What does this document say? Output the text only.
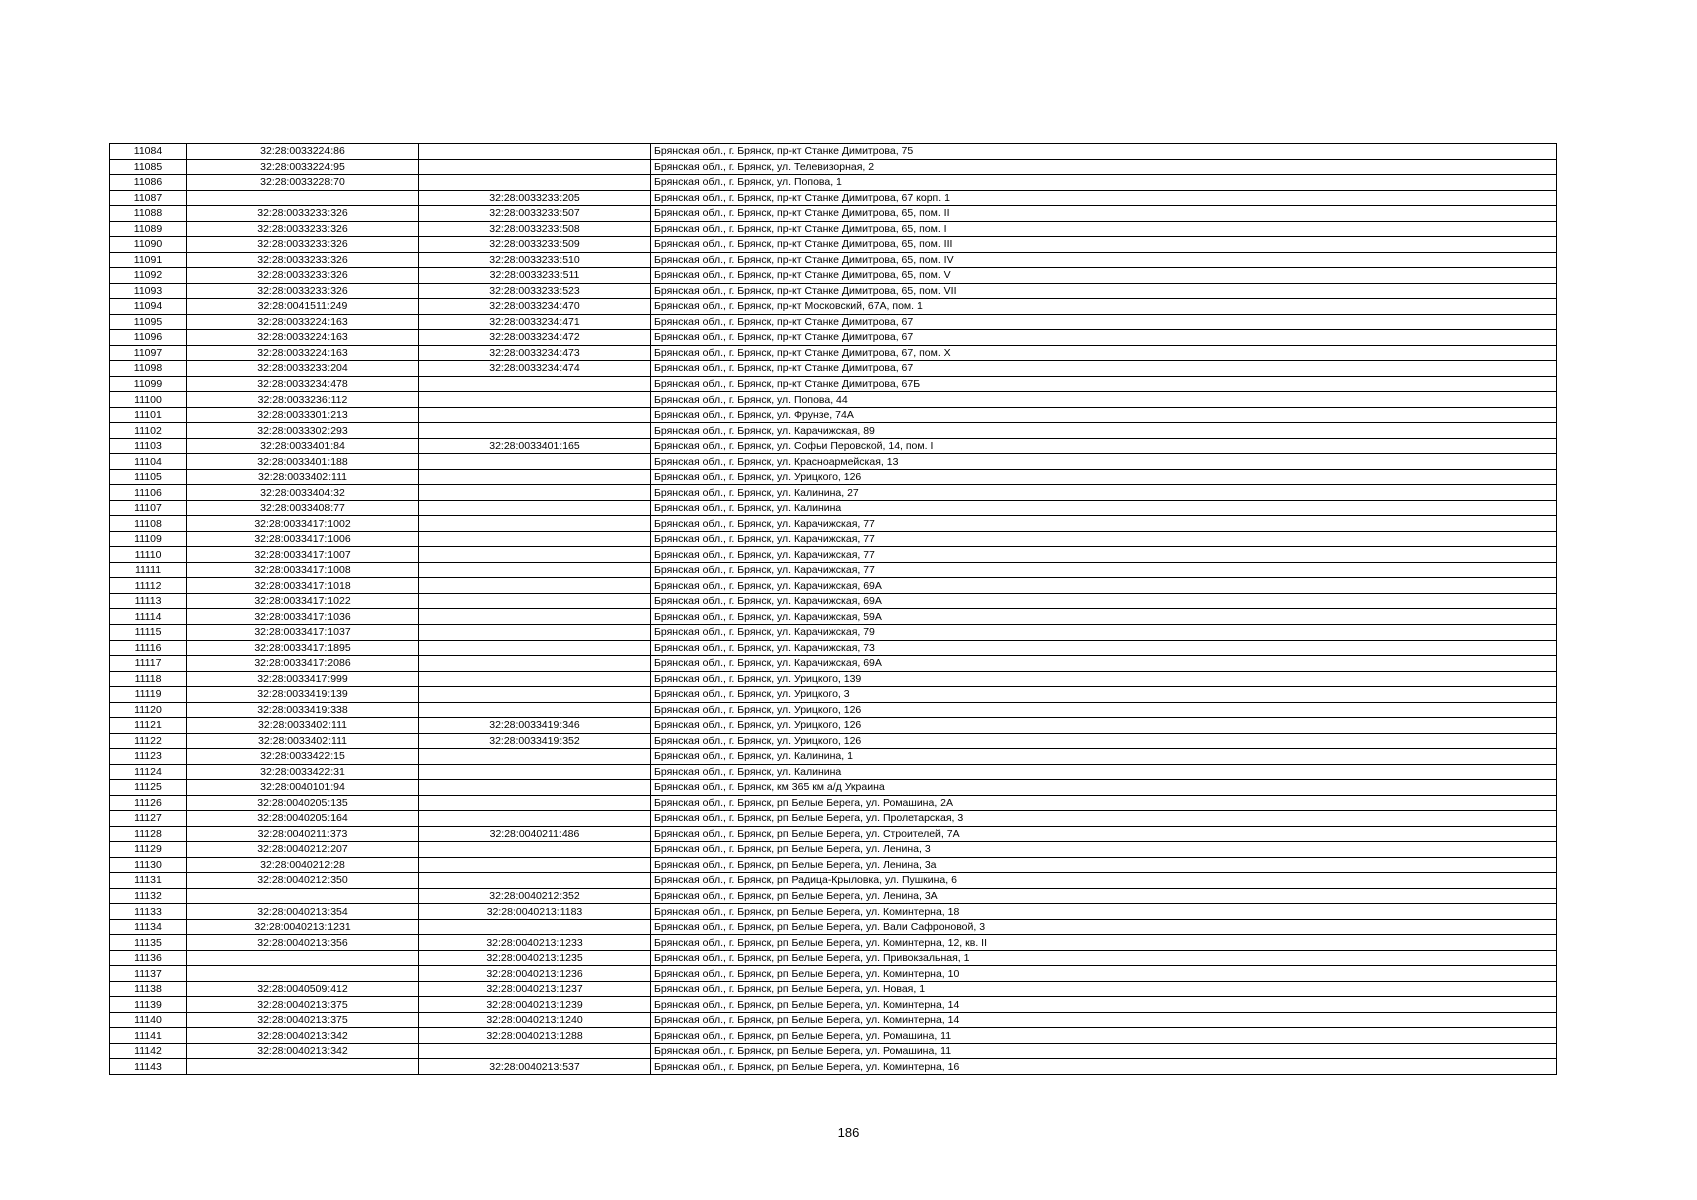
11084	32:28:0033224:86		Брянская обл., г. Брянск, пр-кт Станке Димитрова, 75
11085	32:28:0033224:95		Брянская обл., г. Брянск, ул. Телевизорная, 2
11086	32:28:0033228:70		Брянская обл., г. Брянск, ул. Попова, 1
11087		32:28:0033233:205	Брянская обл., г. Брянск, пр-кт Станке Димитрова, 67 корп. 1
11088	32:28:0033233:326	32:28:0033233:507	Брянская обл., г. Брянск, пр-кт Станке Димитрова, 65, пом. II
11089	32:28:0033233:326	32:28:0033233:508	Брянская обл., г. Брянск, пр-кт Станке Димитрова, 65, пом. I
11090	32:28:0033233:326	32:28:0033233:509	Брянская обл., г. Брянск, пр-кт Станке Димитрова, 65, пом. III
11091	32:28:0033233:326	32:28:0033233:510	Брянская обл., г. Брянск, пр-кт Станке Димитрова, 65, пом. IV
11092	32:28:0033233:326	32:28:0033233:511	Брянская обл., г. Брянск, пр-кт Станке Димитрова, 65, пом. V
11093	32:28:0033233:326	32:28:0033233:523	Брянская обл., г. Брянск, пр-кт Станке Димитрова, 65, пом. VII
11094	32:28:0041511:249	32:28:0033234:470	Брянская обл., г. Брянск, пр-кт Московский, 67А, пом. 1
11095	32:28:0033224:163	32:28:0033234:471	Брянская обл., г. Брянск, пр-кт Станке Димитрова, 67
11096	32:28:0033224:163	32:28:0033234:472	Брянская обл., г. Брянск, пр-кт Станке Димитрова, 67
11097	32:28:0033224:163	32:28:0033234:473	Брянская обл., г. Брянск, пр-кт Станке Димитрова, 67, пом. X
11098	32:28:0033233:204	32:28:0033234:474	Брянская обл., г. Брянск, пр-кт Станке Димитрова, 67
11099	32:28:0033234:478		Брянская обл., г. Брянск, пр-кт Станке Димитрова, 67Б
11100	32:28:0033236:112		Брянская обл., г. Брянск, ул. Попова, 44
11101	32:28:0033301:213		Брянская обл., г. Брянск, ул. Фрунзе, 74А
11102	32:28:0033302:293		Брянская обл., г. Брянск, ул. Карачижская, 89
11103	32:28:0033401:84	32:28:0033401:165	Брянская обл., г. Брянск, ул. Софьи Перовской, 14, пом. I
11104	32:28:0033401:188		Брянская обл., г. Брянск, ул. Красноармейская, 13
11105	32:28:0033402:111		Брянская обл., г. Брянск, ул. Урицкого, 126
11106	32:28:0033404:32		Брянская обл., г. Брянск, ул. Калинина, 27
11107	32:28:0033408:77		Брянская обл., г. Брянск, ул. Калинина
11108	32:28:0033417:1002		Брянская обл., г. Брянск, ул. Карачижская, 77
11109	32:28:0033417:1006		Брянская обл., г. Брянск, ул. Карачижская, 77
11110	32:28:0033417:1007		Брянская обл., г. Брянск, ул. Карачижская, 77
11111	32:28:0033417:1008		Брянская обл., г. Брянск, ул. Карачижская, 77
11112	32:28:0033417:1018		Брянская обл., г. Брянск, ул. Карачижская, 69А
11113	32:28:0033417:1022		Брянская обл., г. Брянск, ул. Карачижская, 69А
11114	32:28:0033417:1036		Брянская обл., г. Брянск, ул. Карачижская, 59А
11115	32:28:0033417:1037		Брянская обл., г. Брянск, ул. Карачижская, 79
11116	32:28:0033417:1895		Брянская обл., г. Брянск, ул. Карачижская, 73
11117	32:28:0033417:2086		Брянская обл., г. Брянск, ул. Карачижская, 69А
11118	32:28:0033417:999		Брянская обл., г. Брянск, ул. Урицкого, 139
11119	32:28:0033419:139		Брянская обл., г. Брянск, ул. Урицкого, 3
11120	32:28:0033419:338		Брянская обл., г. Брянск, ул. Урицкого, 126
11121	32:28:0033402:111	32:28:0033419:346	Брянская обл., г. Брянск, ул. Урицкого, 126
11122	32:28:0033402:111	32:28:0033419:352	Брянская обл., г. Брянск, ул. Урицкого, 126
11123	32:28:0033422:15		Брянская обл., г. Брянск, ул. Калинина, 1
11124	32:28:0033422:31		Брянская обл., г. Брянск, ул. Калинина
11125	32:28:0040101:94		Брянская обл., г. Брянск, км 365 км а/д Украина
11126	32:28:0040205:135		Брянская обл., г. Брянск, рп Белые Берега, ул. Ромашина, 2А
11127	32:28:0040205:164		Брянская обл., г. Брянск, рп Белые Берега, ул. Пролетарская, 3
11128	32:28:0040211:373	32:28:0040211:486	Брянская обл., г. Брянск, рп Белые Берега, ул. Строителей, 7А
11129	32:28:0040212:207		Брянская обл., г. Брянск, рп Белые Берега, ул. Ленина, 3
11130	32:28:0040212:28		Брянская обл., г. Брянск, рп Белые Берега, ул. Ленина, 3а
11131	32:28:0040212:350		Брянская обл., г. Брянск, рп Радица-Крыловка, ул. Пушкина, 6
11132		32:28:0040212:352	Брянская обл., г. Брянск, рп Белые Берега, ул. Ленина, 3А
11133	32:28:0040213:354	32:28:0040213:1183	Брянская обл., г. Брянск, рп Белые Берега, ул. Коминтерна, 18
11134	32:28:0040213:1231		Брянская обл., г. Брянск, рп Белые Берега, ул. Вали Сафроновой, 3
11135	32:28:0040213:356	32:28:0040213:1233	Брянская обл., г. Брянск, рп Белые Берега, ул. Коминтерна, 12, кв. II
11136		32:28:0040213:1235	Брянская обл., г. Брянск, рп Белые Берега, ул. Привокзальная, 1
11137		32:28:0040213:1236	Брянская обл., г. Брянск, рп Белые Берега, ул. Коминтерна, 10
11138	32:28:0040509:412	32:28:0040213:1237	Брянская обл., г. Брянск, рп Белые Берега, ул. Новая, 1
11139	32:28:0040213:375	32:28:0040213:1239	Брянская обл., г. Брянск, рп Белые Берега, ул. Коминтерна, 14
11140	32:28:0040213:375	32:28:0040213:1240	Брянская обл., г. Брянск, рп Белые Берега, ул. Коминтерна, 14
11141	32:28:0040213:342	32:28:0040213:1288	Брянская обл., г. Брянск, рп Белые Берега, ул. Ромашина, 11
11142	32:28:0040213:342		Брянская обл., г. Брянск, рп Белые Берега, ул. Ромашина, 11
11143		32:28:0040213:537	Брянская обл., г. Брянск, рп Белые Берега, ул. Коминтерна, 16
186
